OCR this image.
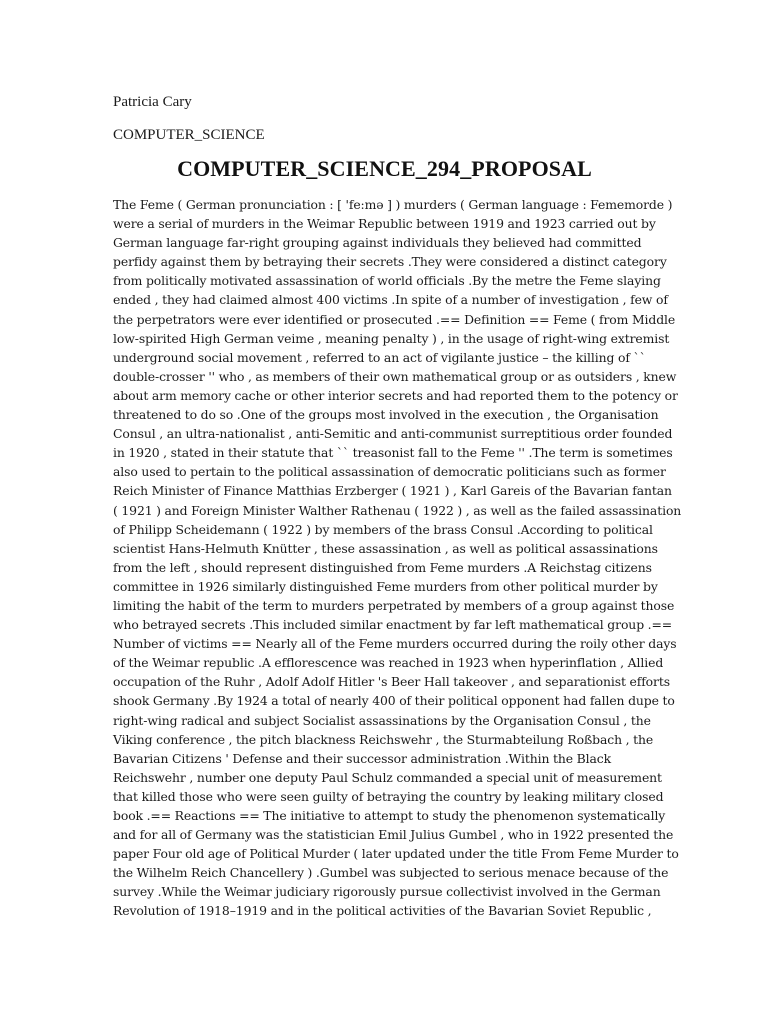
Patricia Cary

COMPUTER_SCIENCE

COMPUTER_SCIENCE_294_PROPOSAL
The Feme ( German pronunciation : [ 'fe:mə ] ) murders ( German language : Fememorde )
were a serial of murders in the Weimar Republic between 1919 and 1923 carried out by
German language far-right grouping against individuals they believed had committed
perfidy against them by betraying their secrets .They were considered a distinct category
from politically motivated assassination of world officials .By the metre the Feme slaying
ended , they had claimed almost 400 victims .In spite of a number of investigation , few of
the perpetrators were ever identified or prosecuted .== Definition == Feme ( from Middle
low-spirited High German veime , meaning penalty ) , in the usage of right-wing extremist
underground social movement , referred to an act of vigilante justice – the killing of ``
double-crosser '' who , as members of their own mathematical group or as outsiders , knew
about arm memory cache or other interior secrets and had reported them to the potency or
threatened to do so .One of the groups most involved in the execution , the Organisation
Consul , an ultra-nationalist , anti-Semitic and anti-communist surreptitious order founded
in 1920 , stated in their statute that `` treasonist fall to the Feme '' .The term is sometimes
also used to pertain to the political assassination of democratic politicians such as former
Reich Minister of Finance Matthias Erzberger ( 1921 ) , Karl Gareis of the Bavarian fantan
( 1921 ) and Foreign Minister Walther Rathenau ( 1922 ) , as well as the failed assassination
of Philipp Scheidemann ( 1922 ) by members of the brass Consul .According to political
scientist Hans-Helmuth Knütter , these assassination , as well as political assassinations
from the left , should represent distinguished from Feme murders .A Reichstag citizens
committee in 1926 similarly distinguished Feme murders from other political murder by
limiting the habit of the term to murders perpetrated by members of a group against those
who betrayed secrets .This included similar enactment by far left mathematical group .==
Number of victims == Nearly all of the Feme murders occurred during the roily other days
of the Weimar republic .A efflorescence was reached in 1923 when hyperinflation , Allied
occupation of the Ruhr , Adolf Adolf Hitler 's Beer Hall takeover , and separationist efforts
shook Germany .By 1924 a total of nearly 400 of their political opponent had fallen dupe to
right-wing radical and subject Socialist assassinations by the Organisation Consul , the
Viking conference , the pitch blackness Reichswehr , the Sturmabteilung Roßbach , the
Bavarian Citizens ' Defense and their successor administration .Within the Black
Reichswehr , number one deputy Paul Schulz commanded a special unit of measurement
that killed those who were seen guilty of betraying the country by leaking military closed
book .== Reactions == The initiative to attempt to study the phenomenon systematically
and for all of Germany was the statistician Emil Julius Gumbel , who in 1922 presented the
paper Four old age of Political Murder ( later updated under the title From Feme Murder to
the Wilhelm Reich Chancellery ) .Gumbel was subjected to serious menace because of the
survey .While the Weimar judiciary rigorously pursue collectivist involved in the German
Revolution of 1918–1919 and in the political activities of the Bavarian Soviet Republic ,
